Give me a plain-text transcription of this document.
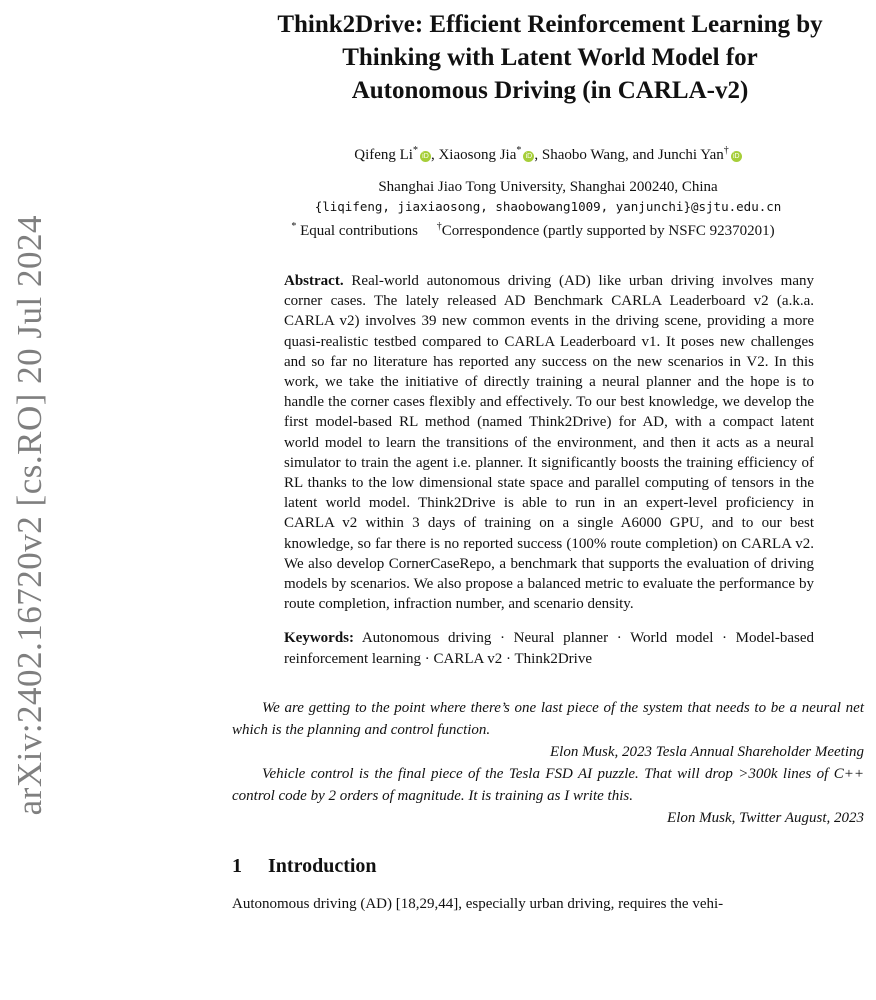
arXiv:2402.16720v2 [cs.RO] 20 Jul 2024
Think2Drive: Efficient Reinforcement Learning by
Thinking with Latent World Model for
Autonomous Driving (in CARLA-v2)
Qifeng Li*iD , Xiaosong Jia*iD , Shaobo Wang, and Junchi Yan†iD
Shanghai Jiao Tong University, Shanghai 200240, China
{liqifeng, jiaxiaosong, shaobowang1009, yanjunchi}@sjtu.edu.cn
* Equal contributions †Correspondence (partly supported by NSFC 92370201)
Abstract. Real-world autonomous driving (AD) like urban driving involves many corner cases. The lately released AD Benchmark CARLA Leaderboard v2 (a.k.a. CARLA v2) involves 39 new common events in the driving scene, providing a more quasi-realistic testbed compared to CARLA Leaderboard v1. It poses new challenges and so far no literature has reported any success on the new scenarios in V2. In this work, we take the initiative of directly training a neural planner and the hope is to handle the corner cases flexibly and effectively. To our best knowledge, we develop the first model-based RL method (named Think2Drive) for AD, with a compact latent world model to learn the transitions of the environment, and then it acts as a neural simulator to train the agent i.e. planner. It significantly boosts the training efficiency of RL thanks to the low dimensional state space and parallel computing of tensors in the latent world model. Think2Drive is able to run in an expert-level proficiency in CARLA v2 within 3 days of training on a single A6000 GPU, and to our best knowledge, so far there is no reported success (100% route completion) on CARLA v2. We also develop CornerCaseRepo, a benchmark that supports the evaluation of driving models by scenarios. We also propose a balanced metric to evaluate the performance by route completion, infraction number, and scenario density.
Keywords: Autonomous driving · Neural planner · World model · Model-based reinforcement learning · CARLA v2 · Think2Drive
We are getting to the point where there’s one last piece of the system that needs to be a neural net which is the planning and control function.
Elon Musk, 2023 Tesla Annual Shareholder Meeting
Vehicle control is the final piece of the Tesla FSD AI puzzle. That will drop >300k lines of C++ control code by 2 orders of magnitude. It is training as I write this.
Elon Musk, Twitter August, 2023
1 Introduction
Autonomous driving (AD) [18,29,44], especially urban driving, requires the vehi-
